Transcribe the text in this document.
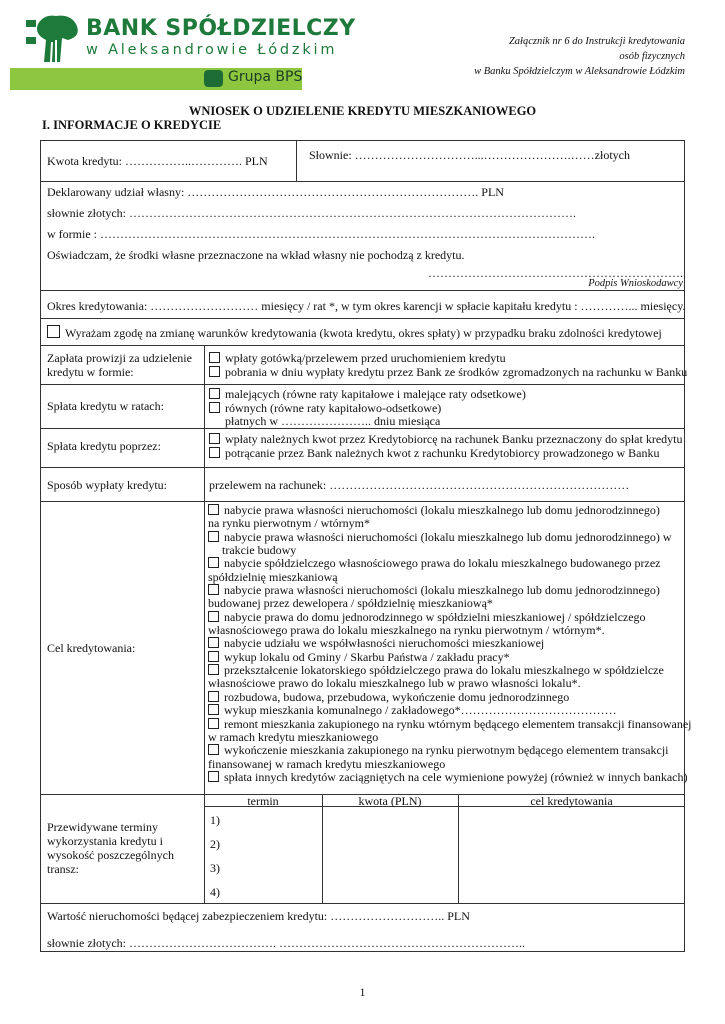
BANK SPÓŁDZIELCZY
w Aleksandrowie Łódzkim
Grupa BPS
Załącznik nr 6 do Instrukcji kredytowania
osób fizycznych
w Banku Spółdzielczym w Aleksandrowie Łódzkim
WNIOSEK O UDZIELENIE KREDYTU MIESZKANIOWEGO
I. INFORMACJE O KREDYCIE
Kwota kredytu: ……………..…………. PLN	Słownie: …………………………...………………….……złotych
Deklarowany udział własny: ………………………………………………………………. PLN
słownie złotych: ………………………………………………………………………………………………….
w formie : …………………………………………………………………………………………………………….
Oświadczam, że środki własne przeznaczone na wkład własny nie pochodzą z kredytu.
……………………………………………………….
Podpis Wnioskodawcy
Okres kredytowania: ……………………… miesięcy / rat *, w tym okres karencji w spłacie kapitału kredytu : …………... miesięcy.
Wyrażam zgodę na zmianę warunków kredytowania (kwota kredytu, okres spłaty) w przypadku braku zdolności kredytowej
Zapłata prowizji za udzielenie
kredytu w formie:
wpłaty gotówką/przelewem przed uruchomieniem kredytu
pobrania w dniu wypłaty kredytu przez Bank ze środków zgromadzonych na rachunku w Banku
Spłata kredytu w ratach:
malejących (równe raty kapitałowe i malejące raty odsetkowe)
równych (równe raty kapitałowo-odsetkowe)
płatnych w ………………….. dniu miesiąca
Spłata kredytu poprzez:	wpłaty należnych kwot przez Kredytobiorcę na rachunek Banku przeznaczony do spłat kredytu
potrącanie przez Bank należnych kwot z rachunku Kredytobiorcy prowadzonego w Banku
Sposób wypłaty kredytu:	przelewem na rachunek: …………………………………………………………………
Cel kredytowania:
nabycie prawa własności nieruchomości (lokalu mieszkalnego lub domu jednorodzinnego)
na rynku pierwotnym / wtórnym*
nabycie prawa własności nieruchomości (lokalu mieszkalnego lub domu jednorodzinnego) w
trakcie budowy
nabycie spółdzielczego własnościowego prawa do lokalu mieszkalnego budowanego przez
spółdzielnię mieszkaniową
nabycie prawa własności nieruchomości (lokalu mieszkalnego lub domu jednorodzinnego)
budowanej przez dewelopera / spółdzielnię mieszkaniową*
nabycie prawa do domu jednorodzinnego w spółdzielni mieszkaniowej / spółdzielczego
własnościowego prawa do lokalu mieszkalnego na rynku pierwotnym / wtórnym*.
nabycie udziału we współwłasności nieruchomości mieszkaniowej
wykup lokalu od Gminy / Skarbu Państwa / zakładu pracy*
przekształcenie lokatorskiego spółdzielczego prawa do lokalu mieszkalnego w spółdzielcze
własnościowe prawo do lokalu mieszkalnego lub w prawo własności lokalu*.
rozbudowa, budowa, przebudowa, wykończenie domu jednorodzinnego
wykup mieszkania komunalnego / zakładowego*…………………………………
remont mieszkania zakupionego na rynku wtórnym będącego elementem transakcji finansowanej
w ramach kredytu mieszkaniowego
wykończenie mieszkania zakupionego na rynku pierwotnym będącego elementem transakcji
finansowanej w ramach kredytu mieszkaniowego
spłata innych kredytów zaciągniętych na cele wymienione powyżej (również w innych bankach)
Przewidywane terminy
wykorzystania kredytu i
wysokość poszczególnych
transz:
termin	kwota (PLN)	cel kredytowania
1)
2)
3)
4)
Wartość nieruchomości będącej zabezpieczeniem kredytu: ……………………….. PLN
słownie złotych: ………………………………. ……………………………………………………..
1
